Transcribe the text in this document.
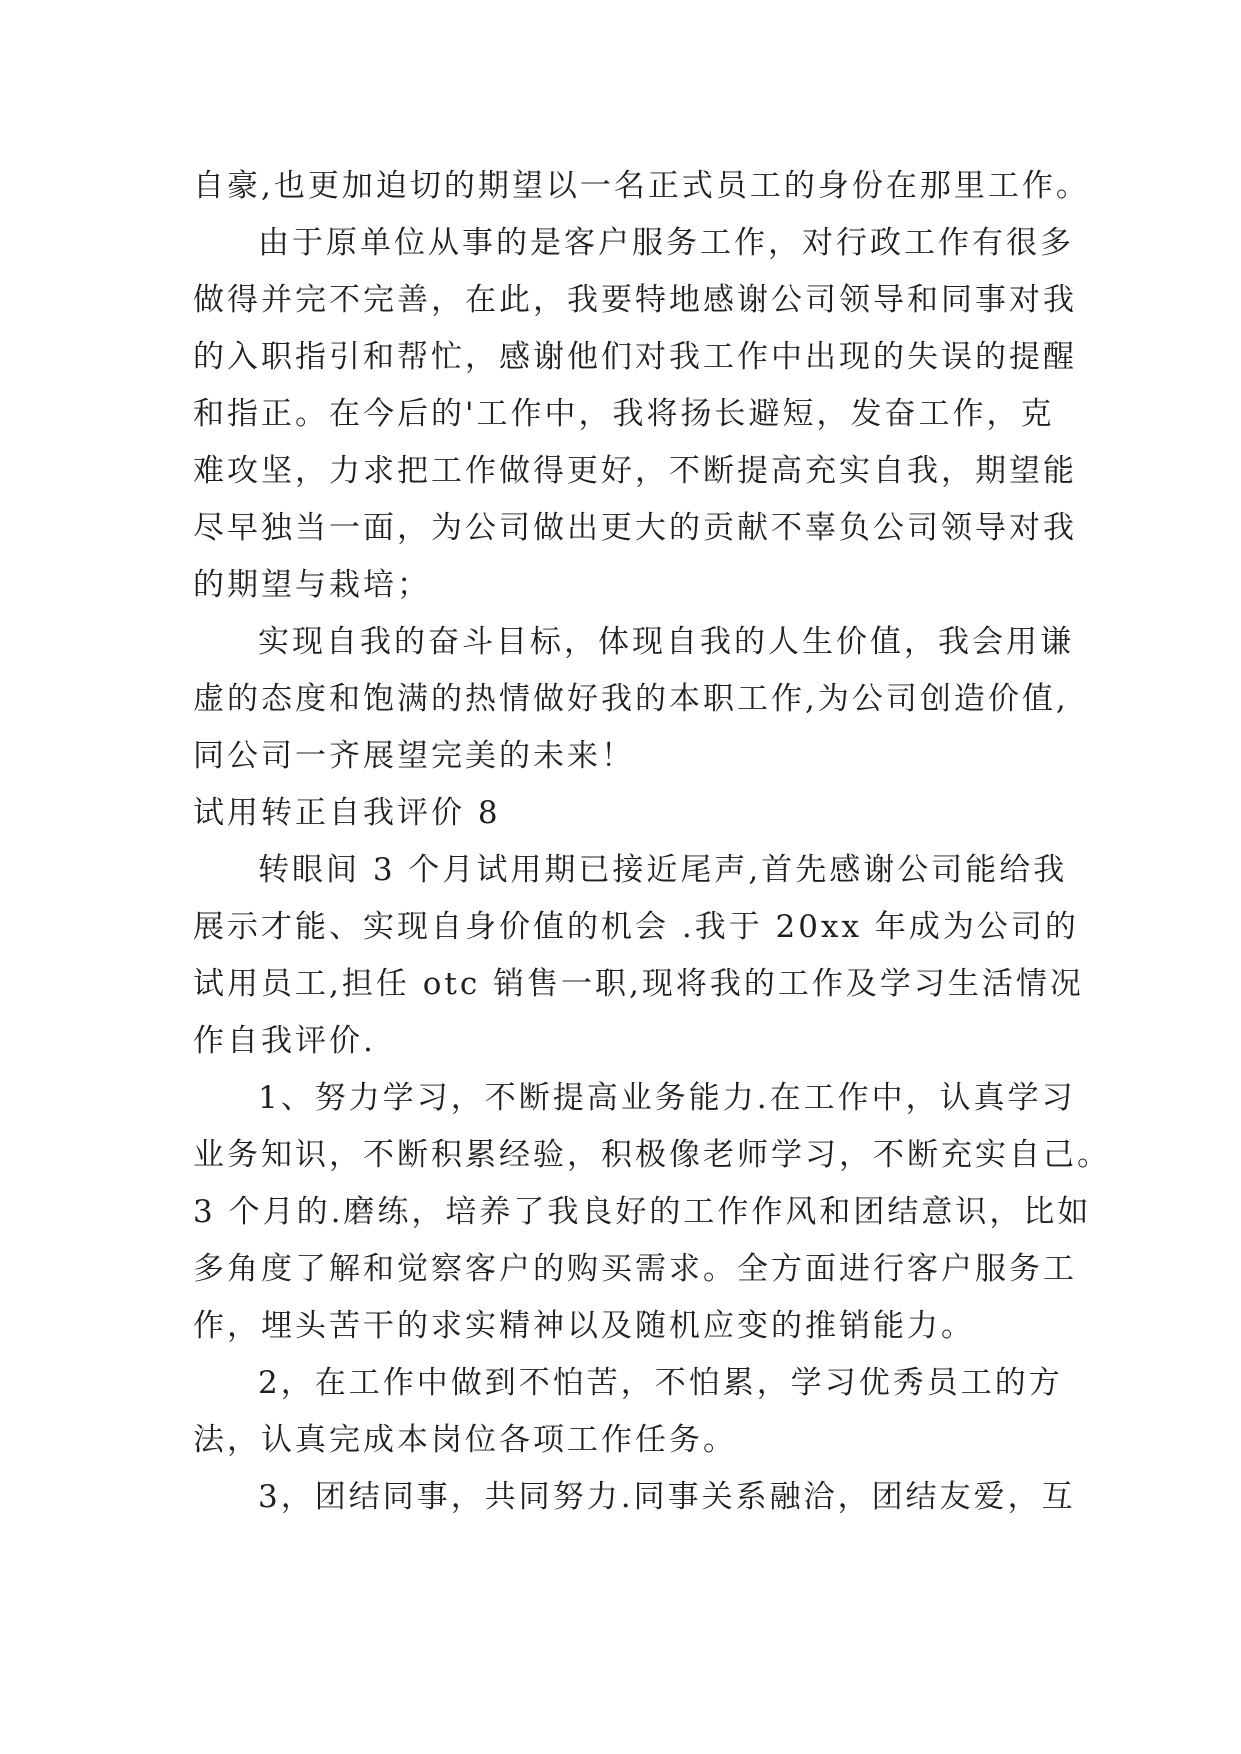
自豪,也更加迫切的期望以一名正式员工的身份在那里工作。
由于原单位从事的是客户服务工作，对行政工作有很多
做得并完不完善，在此，我要特地感谢公司领导和同事对我
的入职指引和帮忙，感谢他们对我工作中出现的失误的提醒
和指正。在今后的'工作中，我将扬长避短，发奋工作，克
难攻坚，力求把工作做得更好，不断提高充实自我，期望能
尽早独当一面，为公司做出更大的贡献不辜负公司领导对我
的期望与栽培；
实现自我的奋斗目标，体现自我的人生价值，我会用谦
虚的态度和饱满的热情做好我的本职工作,为公司创造价值,
同公司一齐展望完美的未来！
试用转正自我评价 8
转眼间 3 个月试用期已接近尾声,首先感谢公司能给我
展示才能、实现自身价值的机会 .我于 20xx 年成为公司的
试用员工,担任 otc 销售一职,现将我的工作及学习生活情况
作自我评价.
1、努力学习，不断提高业务能力.在工作中，认真学习
业务知识，不断积累经验，积极像老师学习，不断充实自己。
3 个月的.磨练，培养了我良好的工作作风和团结意识，比如
多角度了解和觉察客户的购买需求。全方面进行客户服务工
作，埋头苦干的求实精神以及随机应变的推销能力。
2，在工作中做到不怕苦，不怕累，学习优秀员工的方
法，认真完成本岗位各项工作任务。
3，团结同事，共同努力.同事关系融洽，团结友爱，互
